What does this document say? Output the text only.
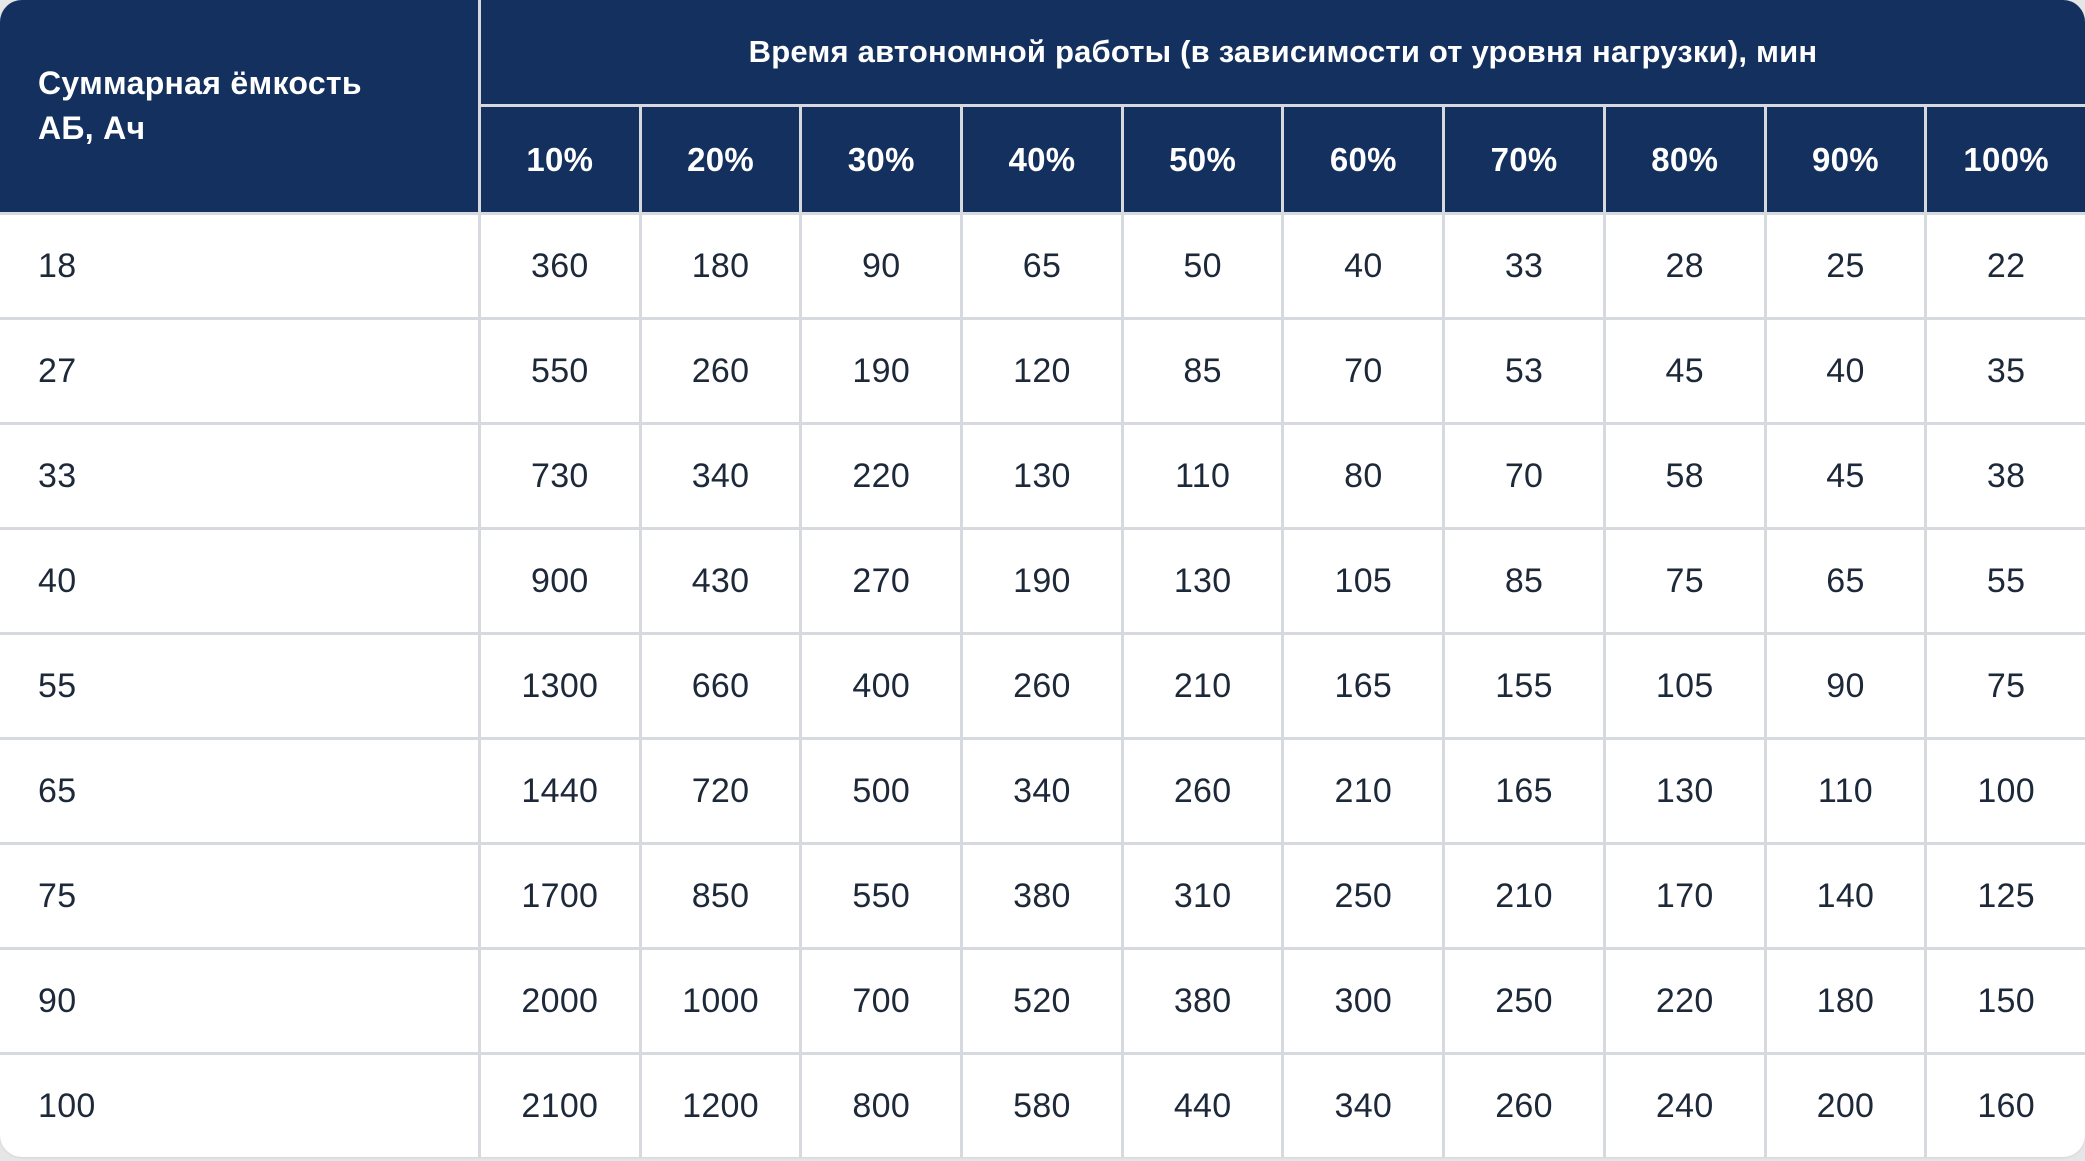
Суммарная ёмкость
АБ, Ач
Время автономной работы (в зависимости от уровня нагрузки), мин
10%	20%	30%	40%	50%	60%	70%	80%	90%	100%
18	360	180	90	65	50	40	33	28	25	22
27	550	260	190	120	85	70	53	45	40	35
33	730	340	220	130	110	80	70	58	45	38
40	900	430	270	190	130	105	85	75	65	55
55	1300	660	400	260	210	165	155	105	90	75
65	1440	720	500	340	260	210	165	130	110	100
75	1700	850	550	380	310	250	210	170	140	125
90	2000	1000	700	520	380	300	250	220	180	150
100	2100	1200	800	580	440	340	260	240	200	160
